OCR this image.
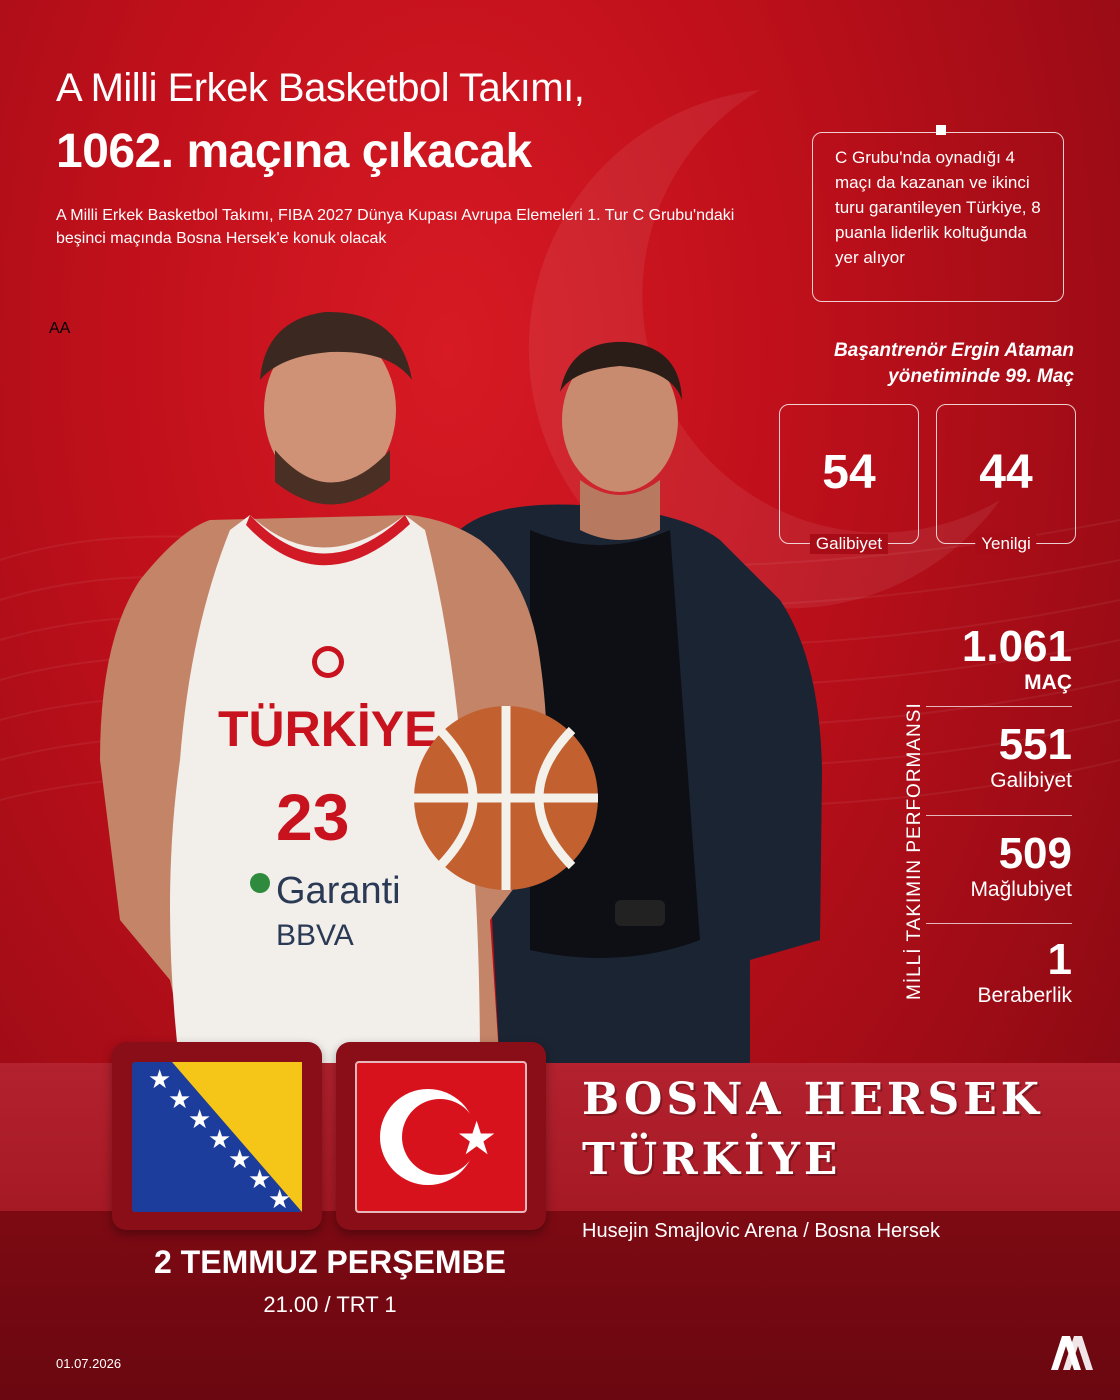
A Milli Erkek Basketbol Takımı,
1062. maçına çıkacak
A Milli Erkek Basketbol Takımı, FIBA 2027 Dünya Kupası Avrupa Elemeleri 1. Tur C Grubu'ndaki beşinci maçında Bosna Hersek'e konuk olacak
C Grubu'nda oynadığı 4 maçı da kazanan ve ikinci turu garantileyen Türkiye, 8 puanla liderlik koltuğunda yer alıyor
TÜRKİYE
23
Garanti
BBVA
Başantrenör Ergin Ataman
yönetiminde 99. Maç
54
Galibiyet
44
Yenilgi
MİLLİ TAKIMIN PERFORMANSI
1.061
MAÇ
551
Galibiyet
509
Mağlubiyet
1
Beraberlik
★
★
★
★
★
★
★
★
BOSNA HERSEK
TÜRKİYE
Husejin Smajlovic Arena / Bosna Hersek
2 TEMMUZ PERŞEMBE
21.00 / TRT 1
01.07.2026
AA
